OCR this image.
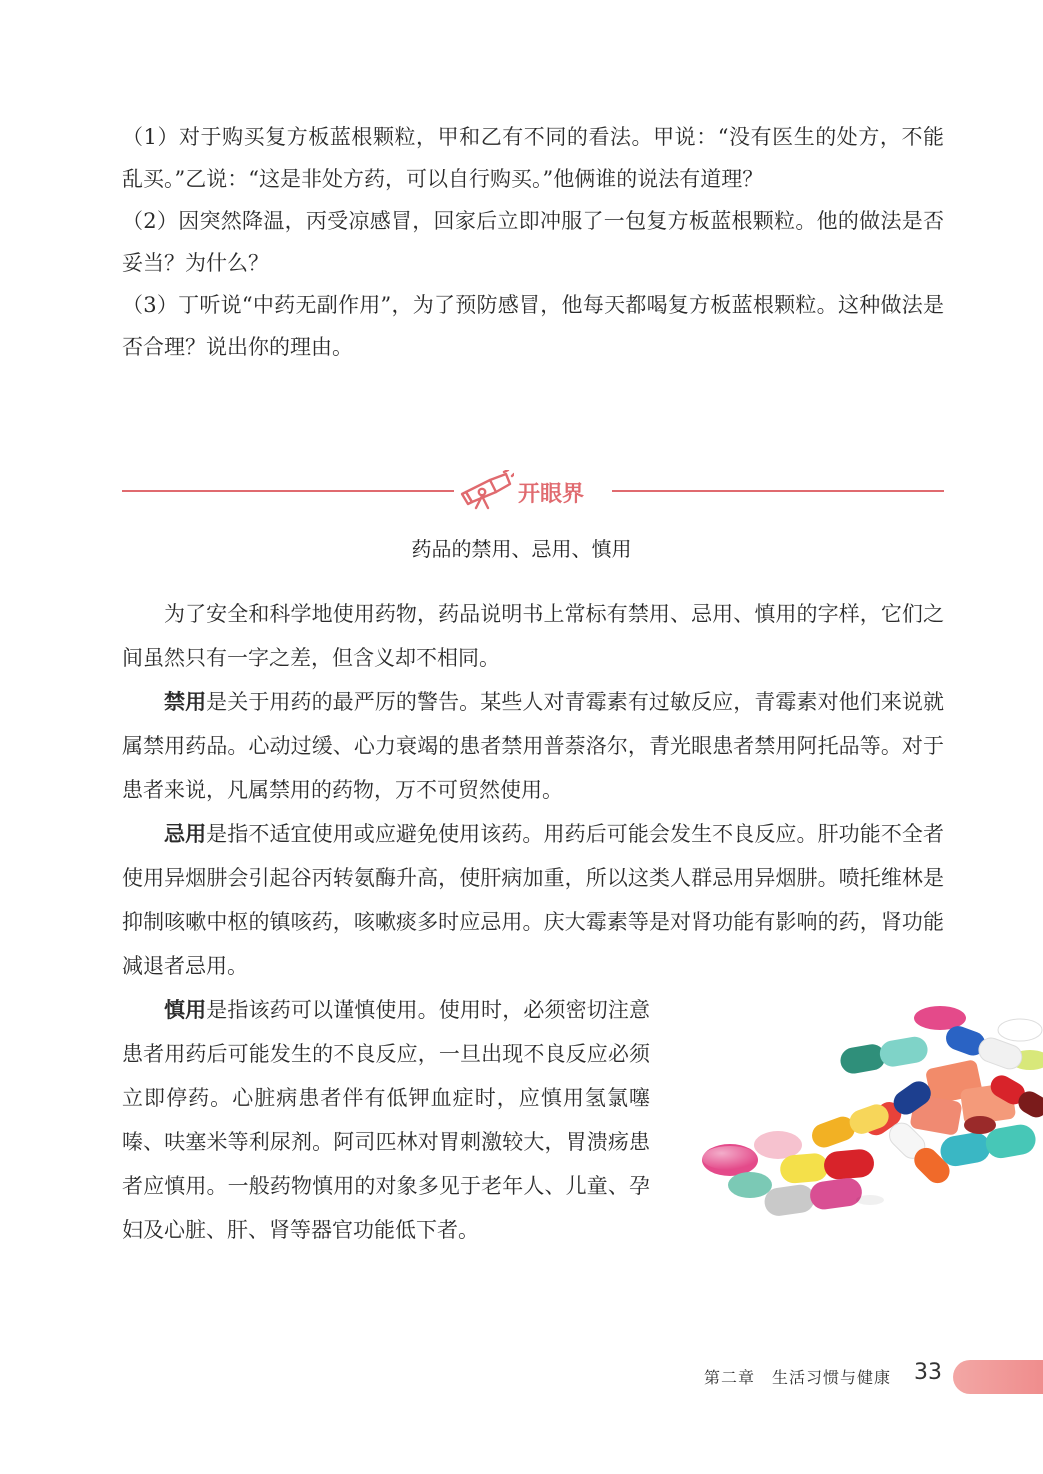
（1）对于购买复方板蓝根颗粒，甲和乙有不同的看法。甲说：“没有医生的处方，不能乱买。”乙说：“这是非处方药，可以自行购买。”他俩谁的说法有道理？

（2）因突然降温，丙受凉感冒，回家后立即冲服了一包复方板蓝根颗粒。他的做法是否妥当？为什么？

（3）丁听说“中药无副作用”，为了预防感冒，他每天都喝复方板蓝根颗粒。这种做法是否合理？说出你的理由。

开眼界
药品的禁用、忌用、慎用

为了安全和科学地使用药物，药品说明书上常标有禁用、忌用、慎用的字样，它们之间虽然只有一字之差，但含义却不相同。

禁用是关于用药的最严厉的警告。某些人对青霉素有过敏反应，青霉素对他们来说就属禁用药品。心动过缓、心力衰竭的患者禁用普萘洛尔，青光眼患者禁用阿托品等。对于患者来说，凡属禁用的药物，万不可贸然使用。

忌用是指不适宜使用或应避免使用该药。用药后可能会发生不良反应。肝功能不全者使用异烟肼会引起谷丙转氨酶升高，使肝病加重，所以这类人群忌用异烟肼。喷托维林是抑制咳嗽中枢的镇咳药，咳嗽痰多时应忌用。庆大霉素等是对肾功能有影响的药，肾功能减退者忌用。

慎用是指该药可以谨慎使用。使用时，必须密切注意患者用药后可能发生的不良反应，一旦出现不良反应必须立即停药。心脏病患者伴有低钾血症时，应慎用氢氯噻嗪、呋塞米等利尿剂。阿司匹林对胃刺激较大，胃溃疡患者应慎用。一般药物慎用的对象多见于老年人、儿童、孕妇及心脏、肝、肾等器官功能低下者。

第二章　生活习惯与健康 33
